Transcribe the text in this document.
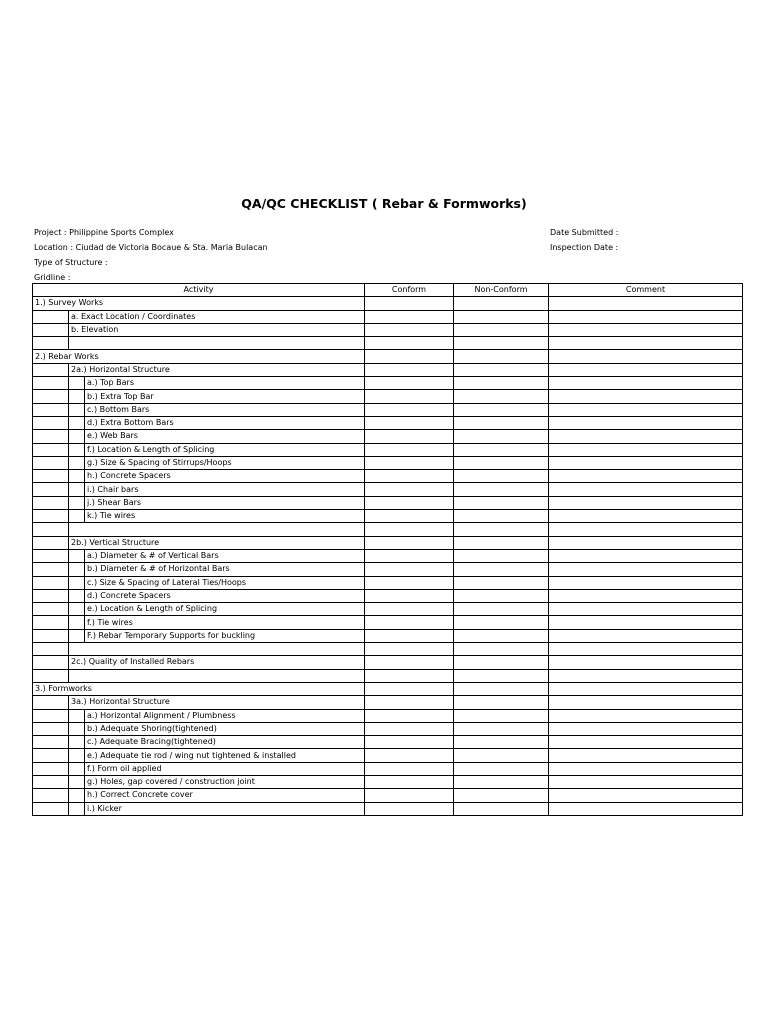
QA/QC CHECKLIST ( Rebar & Formworks)
Project : Philippine Sports Complex
Location : Ciudad de Victoria Bocaue & Sta. Maria Bulacan
Type of Structure :
Gridline :
Date Submitted :
Inspection Date :
Activity			Conform	Non-Conform	Comment
1.) Survey Works					
	a. Exact Location / Coordinates				
	b. Elevation				

2.) Rebar Works					
	2a.) Horizontal Structure				
		a.) Top Bars			
		b.) Extra Top Bar			
		c.) Bottom Bars			
		d.) Extra Bottom Bars			
		e.) Web Bars			
		f.) Location & Length of Splicing			
		g.) Size & Spacing of Stirrups/Hoops			
		h.) Concrete Spacers			
		i.) Chair bars			
		j.) Shear Bars			
		k.) Tie wires			

	2b.) Vertical Structure				
		a.) Diameter & # of Vertical Bars			
		b.) Diameter & # of Horizontal Bars			
		c.) Size & Spacing of Lateral Ties/Hoops			
		d.) Concrete Spacers			
		e.) Location & Length of Splicing			
		f.) Tie wires			
		F.) Rebar Temporary Supports for buckling			

	2c.) Quality of Installed Rebars				

3.) Formworks					
	3a.) Horizontal Structure				
		a.) Horizontal Alignment / Plumbness			
		b.) Adequate Shoring(tightened)			
		c.) Adequate Bracing(tightened)			
		e.) Adequate tie rod / wing nut tightened & installed			
		f.) Form oil applied			
		g.) Holes, gap covered / construction joint			
		h.) Correct Concrete cover			
		i.) Kicker			
